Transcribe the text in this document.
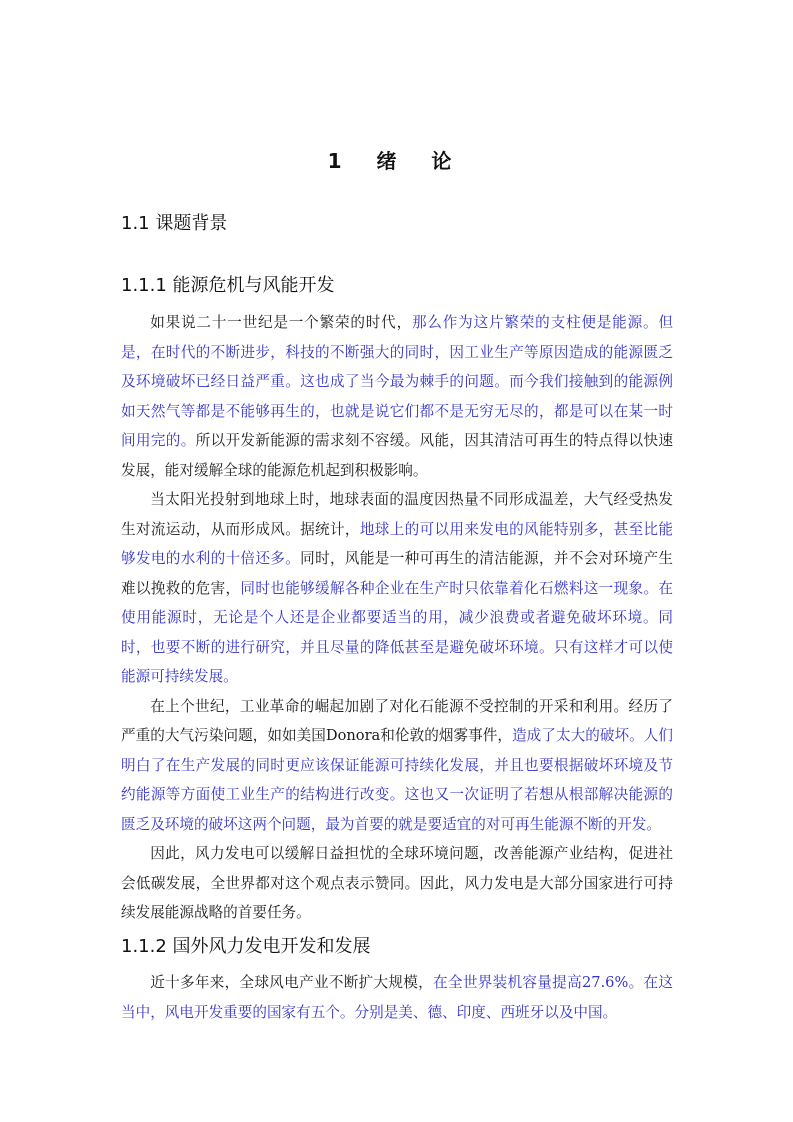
1 绪 论
1.1 课题背景
1.1.1 能源危机与风能开发

如果说二十一世纪是一个繁荣的时代，那么作为这片繁荣的支柱便是能源。但是，在时代的不断进步，科技的不断强大的同时，因工业生产等原因造成的能源匮乏及环境破坏已经日益严重。这也成了当今最为棘手的问题。而今我们接触到的能源例如天然气等都是不能够再生的，也就是说它们都不是无穷无尽的，都是可以在某一时间用完的。所以开发新能源的需求刻不容缓。风能，因其清洁可再生的特点得以快速发展，能对缓解全球的能源危机起到积极影响。

当太阳光投射到地球上时，地球表面的温度因热量不同形成温差，大气经受热发生对流运动，从而形成风。据统计，地球上的可以用来发电的风能特别多，甚至比能够发电的水利的十倍还多。同时，风能是一种可再生的清洁能源，并不会对环境产生难以挽救的危害，同时也能够缓解各种企业在生产时只依靠着化石燃料这一现象。在使用能源时，无论是个人还是企业都要适当的用，减少浪费或者避免破坏环境。同时，也要不断的进行研究，并且尽量的降低甚至是避免破坏环境。只有这样才可以使能源可持续发展。

在上个世纪，工业革命的崛起加剧了对化石能源不受控制的开采和利用。经历了严重的大气污染问题，如如美国Donora和伦敦的烟雾事件，造成了太大的破坏。人们明白了在生产发展的同时更应该保证能源可持续化发展，并且也要根据破坏环境及节约能源等方面使工业生产的结构进行改变。这也又一次证明了若想从根部解决能源的匮乏及环境的破坏这两个问题，最为首要的就是要适宜的对可再生能源不断的开发。

因此，风力发电可以缓解日益担忧的全球环境问题，改善能源产业结构，促进社会低碳发展，全世界都对这个观点表示赞同。因此，风力发电是大部分国家进行可持续发展能源战略的首要任务。

1.1.2 国外风力发电开发和发展

近十多年来，全球风电产业不断扩大规模，在全世界装机容量提高27.6%。在这当中，风电开发重要的国家有五个。分别是美、德、印度、西班牙以及中国。
